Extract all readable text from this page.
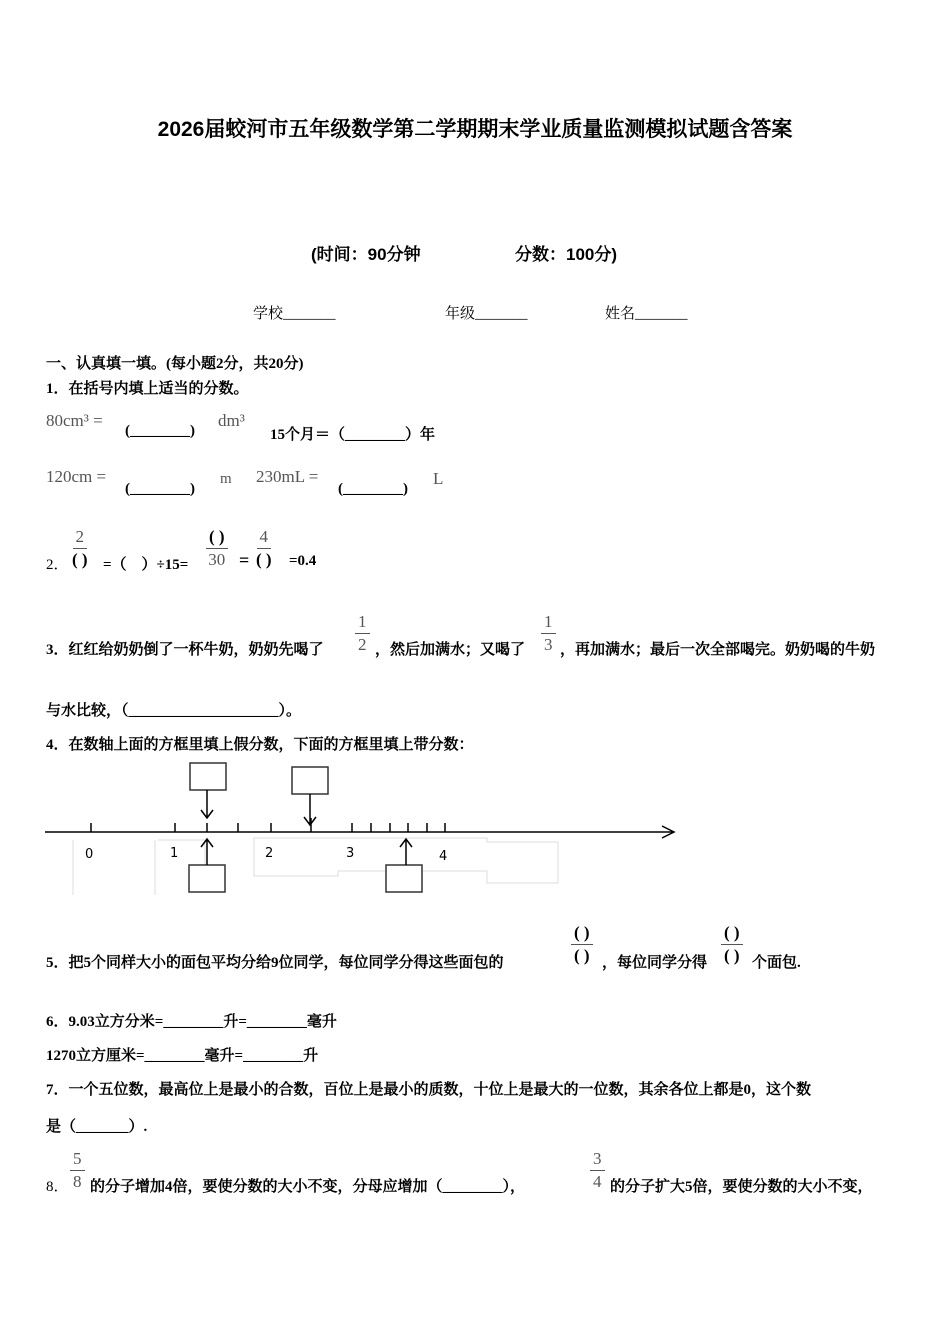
2026届蛟河市五年级数学第二学期期末学业质量监测模拟试题含答案
(时间：90分钟	分数：100分)
学校_______	年级_______	姓名_______
一、认真填一填。(每小题2分，共20分)
1．在括号内填上适当的分数。
80cm³ =
(________)
dm³
15个月＝（________）年
120cm =
(________)
m 230mL =
(________)
L
2．
2
( ) =（　）÷15=
( )
30 =
4
( ) =0.4
3．红红给奶奶倒了一杯牛奶，奶奶先喝了 $\frac{1}{2}$ ，然后加满水；又喝了 $\frac{1}{3}$ ，再加满水；最后一次全部喝完。奶奶喝的牛奶
与水比较，（____________________）。
4．在数轴上面的方框里填上假分数，下面的方框里填上带分数：
0	1	2	3	4
5．把5个同样大小的面包平均分给9位同学，每位同学分得这些面包的
( )
( ) ，每位同学分得
( )
( ) 个面包.
6．9.03立方分米=________升=________毫升
1270立方厘米=________毫升=________升
7．一个五位数，最高位上是最小的合数，百位上是最小的质数，十位上是最大的一位数，其余各位上都是0，这个数
是（_______）.
8． $\frac{5}{8}$ 的分子增加4倍，要使分数的大小不变，分母应增加（________），	$\frac{3}{4}$ 的分子扩大5倍，要使分数的大小不变，
